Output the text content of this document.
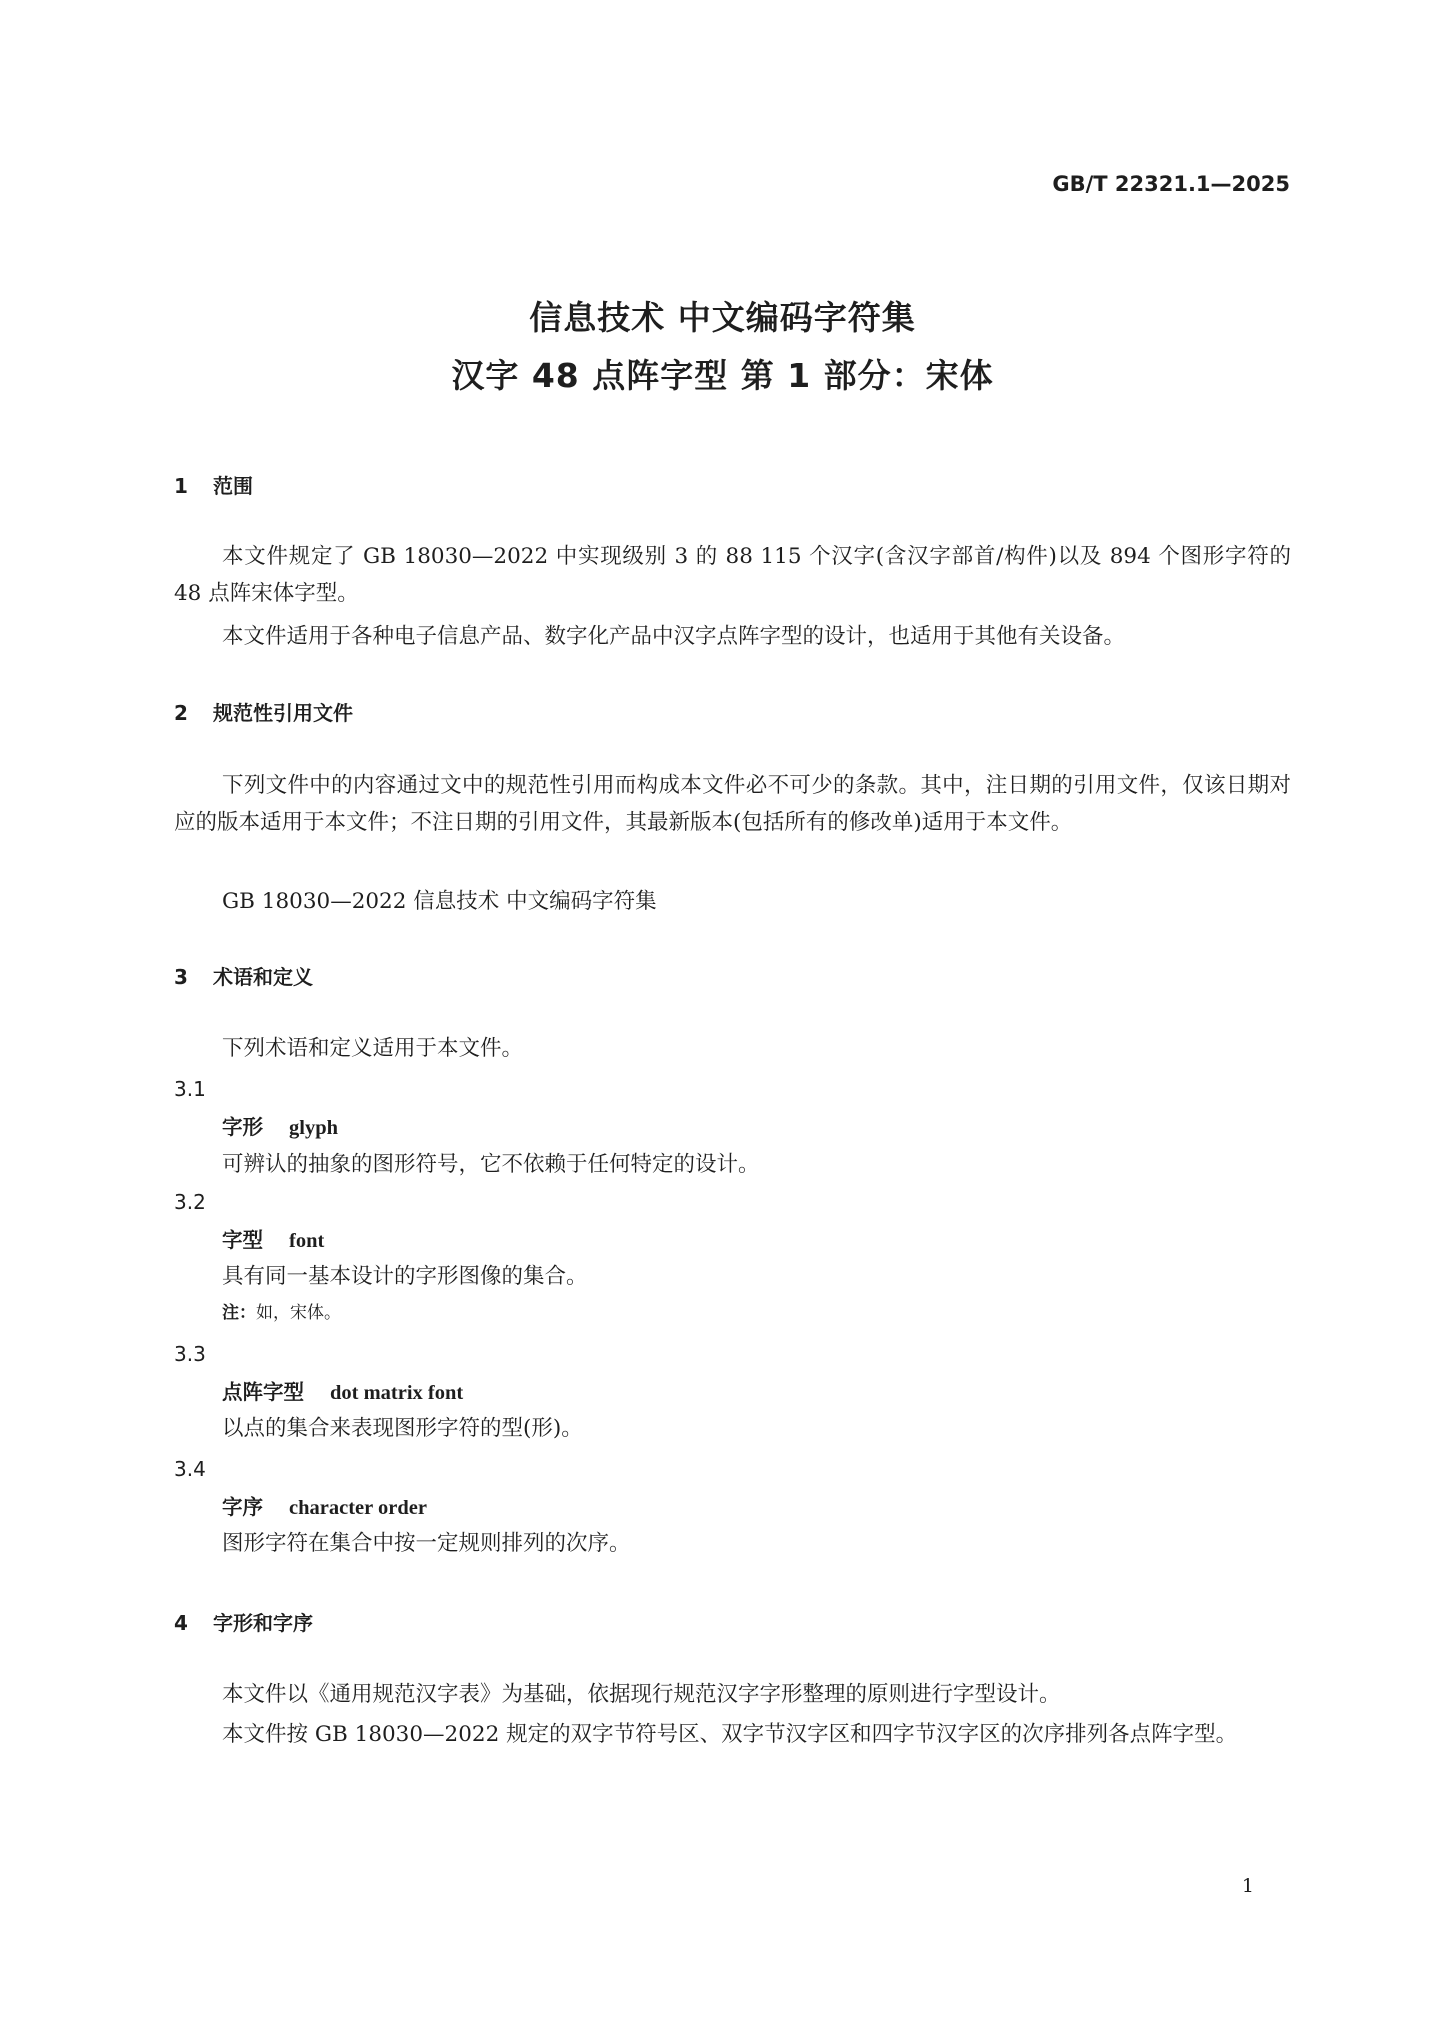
GB/T 22321.1—2025
信息技术 中文编码字符集
汉字 48 点阵字型 第 1 部分：宋体
1 范围
本文件规定了 GB 18030—2022 中实现级别 3 的 88 115 个汉字(含汉字部首/构件)以及 894 个图形字符的 48 点阵宋体字型。
本文件适用于各种电子信息产品、数字化产品中汉字点阵字型的设计，也适用于其他有关设备。
2 规范性引用文件
下列文件中的内容通过文中的规范性引用而构成本文件必不可少的条款。其中，注日期的引用文件，仅该日期对应的版本适用于本文件；不注日期的引用文件，其最新版本(包括所有的修改单)适用于本文件。
GB 18030—2022 信息技术 中文编码字符集
3 术语和定义
下列术语和定义适用于本文件。
3.1
字形 glyph
可辨认的抽象的图形符号，它不依赖于任何特定的设计。
3.2
字型 font
具有同一基本设计的字形图像的集合。
注：如，宋体。
3.3
点阵字型 dot matrix font
以点的集合来表现图形字符的型(形)。
3.4
字序 character order
图形字符在集合中按一定规则排列的次序。
4 字形和字序
本文件以《通用规范汉字表》为基础，依据现行规范汉字字形整理的原则进行字型设计。
本文件按 GB 18030—2022 规定的双字节符号区、双字节汉字区和四字节汉字区的次序排列各点阵字型。
1
